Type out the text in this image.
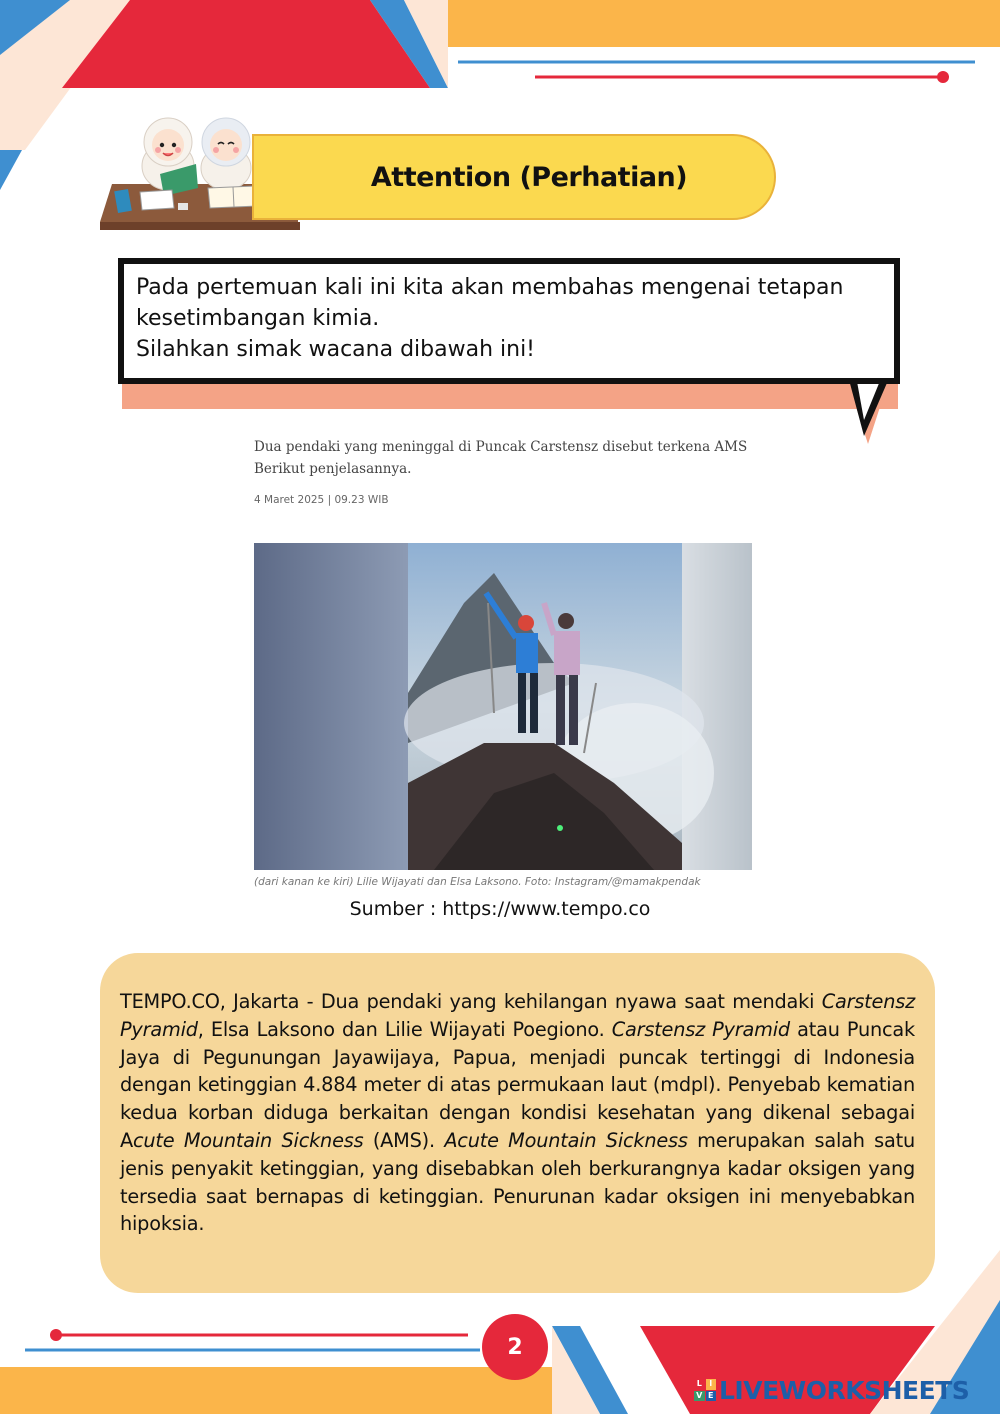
Attention (Perhatian)

Pada pertemuan kali ini kita akan membahas mengenai tetapan kesetimbangan kimia.

Silahkan simak wacana dibawah ini!

Dua pendaki yang meninggal di Puncak Carstensz disebut terkena AMS Berikut penjelasannya.
4 Maret 2025 | 09.23 WIB
(dari kanan ke kiri) Lilie Wijayati dan Elsa Laksono. Foto: Instagram/@mamakpendak
Sumber : https://www.tempo.co

TEMPO.CO, Jakarta - Dua pendaki yang kehilangan nyawa saat mendaki Carstensz Pyramid, Elsa Laksono dan Lilie Wijayati Poegiono. Carstensz Pyramid atau Puncak Jaya di Pegunungan Jayawijaya, Papua, menjadi puncak tertinggi di Indonesia dengan ketinggian 4.884 meter di atas permukaan laut (mdpl). Penyebab kematian kedua korban diduga berkaitan dengan kondisi kesehatan yang dikenal sebagai Acute Mountain Sickness (AMS). Acute Mountain Sickness merupakan salah satu jenis penyakit ketinggian, yang disebabkan oleh berkurangnya kadar oksigen yang tersedia saat bernapas di ketinggian. Penurunan kadar oksigen ini menyebabkan hipoksia.

2
L I
V E LIVEWORKSHEETS
